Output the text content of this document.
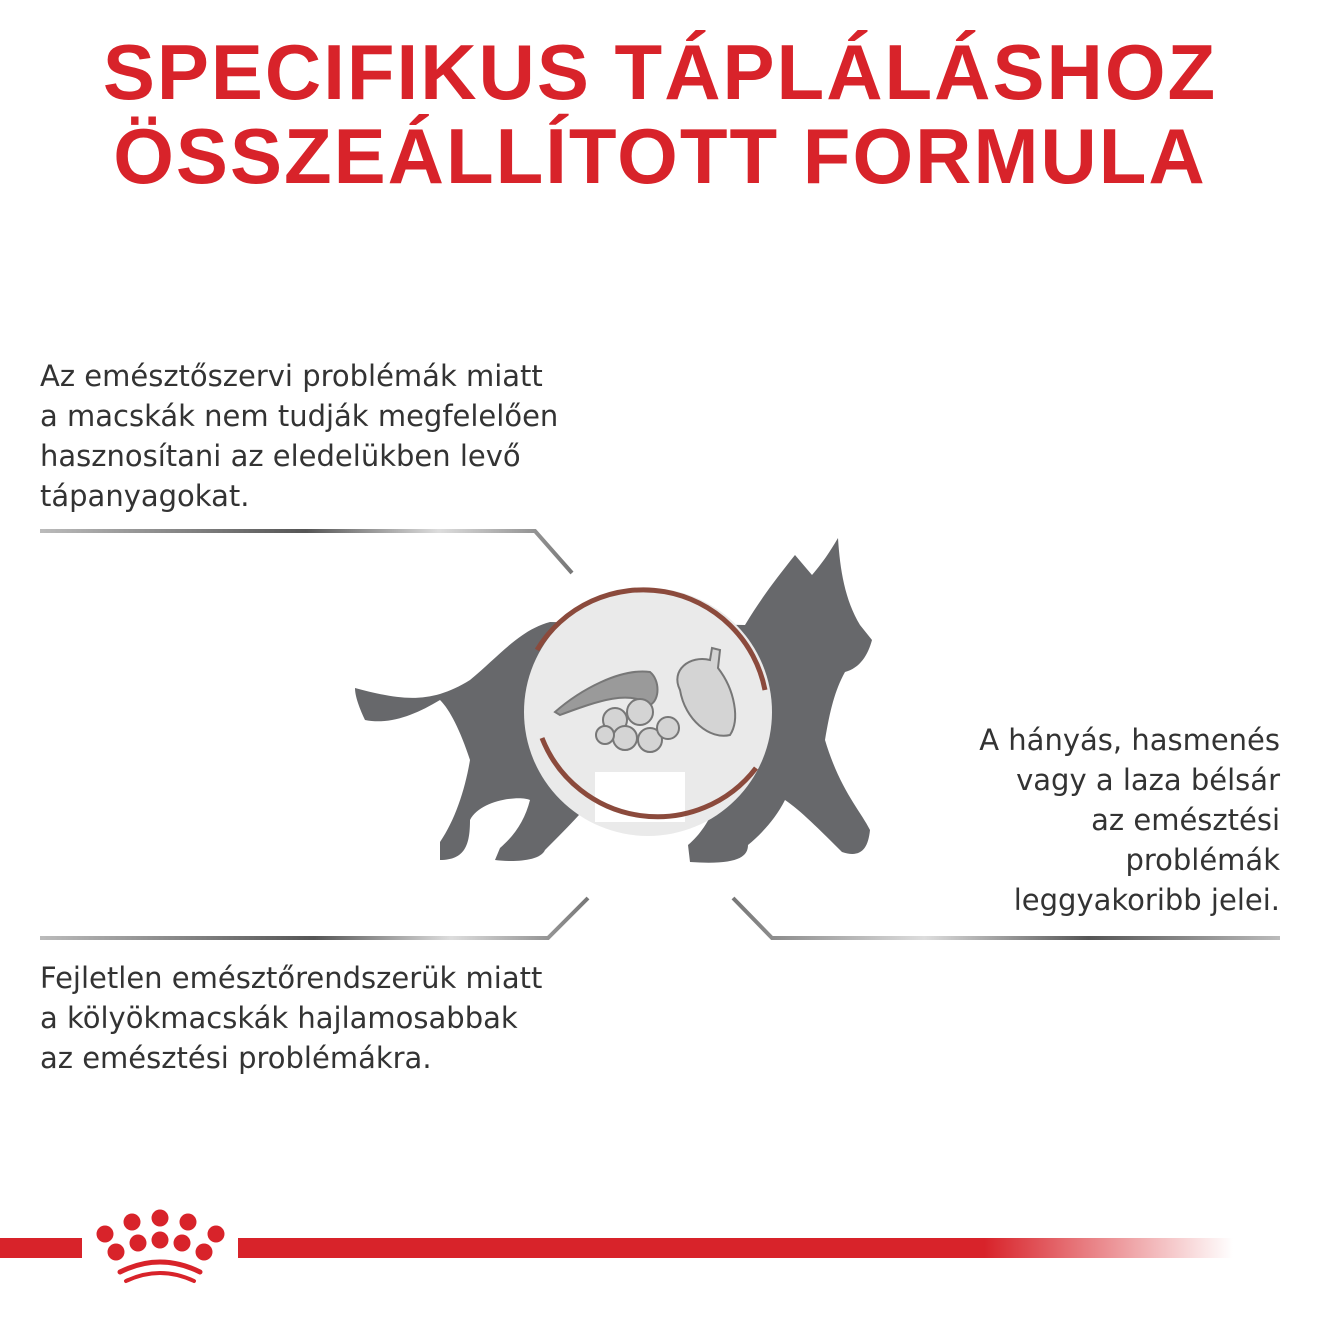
SPECIFIKUS TÁPLÁLÁSHOZ
ÖSSZEÁLLÍTOTT FORMULA
Az emésztőszervi problémák miatt
a macskák nem tudják megfelelően
hasznosítani az eledelükben levő
tápanyagokat.
Fejletlen emésztőrendszerük miatt
a kölyökmacskák hajlamosabbak
az emésztési problémákra.
A hányás, hasmenés
vagy a laza bélsár
az emésztési
problémák
leggyakoribb jelei.
